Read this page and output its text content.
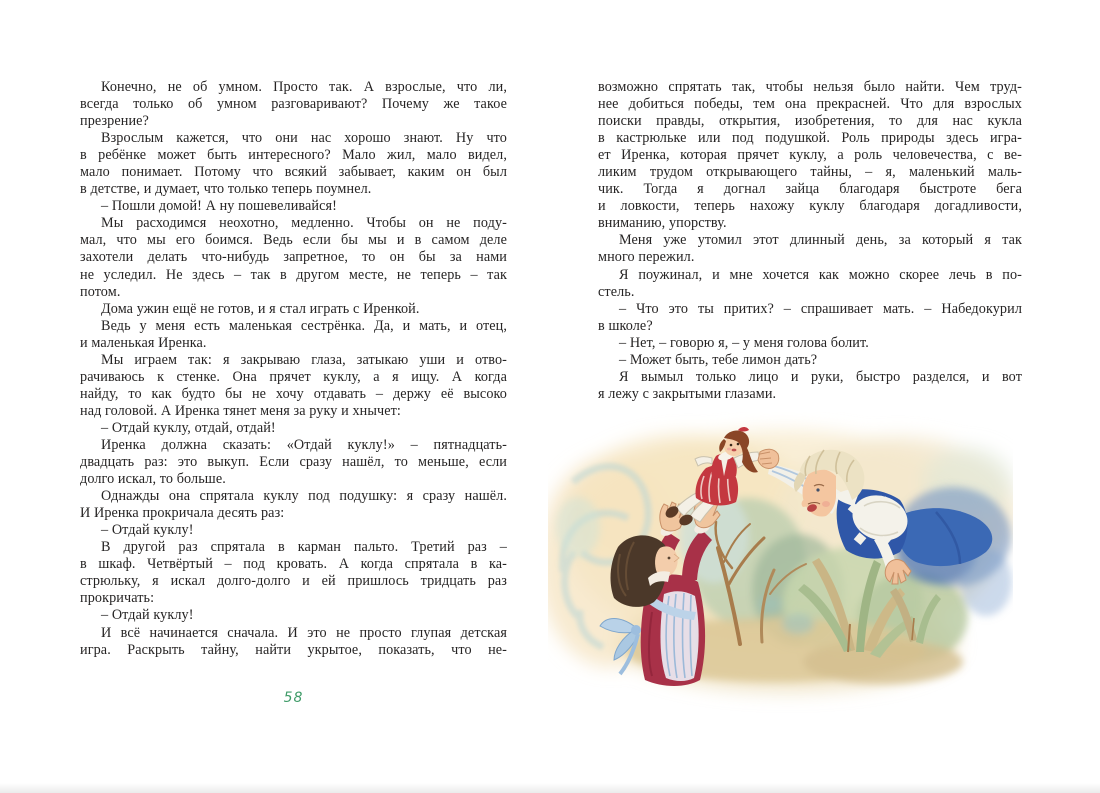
Конечно, не об умном. Просто так. А взрослые, что ли,
всегда только об умном разговаривают? Почему же такое
презрение?
Взрослым кажется, что они нас хорошо знают. Ну что
в ребёнке может быть интересного? Мало жил, мало видел,
мало понимает. Потому что всякий забывает, каким он был
в детстве, и думает, что только теперь поумнел.
– Пошли домой! А ну пошевеливайся!
Мы расходимся неохотно, медленно. Чтобы он не поду-
мал, что мы его боимся. Ведь если бы мы и в самом деле
захотели делать что-нибудь запретное, то он бы за нами
не уследил. Не здесь – так в другом месте, не теперь – так
потом.
Дома ужин ещё не готов, и я стал играть с Иренкой.
Ведь у меня есть маленькая сестрёнка. Да, и мать, и отец,
и маленькая Иренка.
Мы играем так: я закрываю глаза, затыкаю уши и отво-
рачиваюсь к стенке. Она прячет куклу, а я ищу. А когда
найду, то как будто бы не хочу отдавать – держу её высоко
над головой. А Иренка тянет меня за руку и хнычет:
– Отдай куклу, отдай, отдай!
Иренка должна сказать: «Отдай куклу!» – пятнадцать-
двадцать раз: это выкуп. Если сразу нашёл, то меньше, если
долго искал, то больше.
Однажды она спрятала куклу под подушку: я сразу нашёл.
И Иренка прокричала десять раз:
– Отдай куклу!
В другой раз спрятала в карман пальто. Третий раз –
в шкаф. Четвёртый – под кровать. А когда спрятала в ка-
стрюльку, я искал долго-долго и ей пришлось тридцать раз
прокричать:
– Отдай куклу!
И всё начинается сначала. И это не просто глупая детская
игра. Раскрыть тайну, найти укрытое, показать, что не-
58
возможно спрятать так, чтобы нельзя было найти. Чем труд-
нее добиться победы, тем она прекрасней. Что для взрослых
поиски правды, открытия, изобретения, то для нас кукла
в кастрюльке или под подушкой. Роль природы здесь игра-
ет Иренка, которая прячет куклу, а роль человечества, с ве-
ликим трудом открывающего тайны, – я, маленький маль-
чик. Тогда я догнал зайца благодаря быстроте бега
и ловкости, теперь нахожу куклу благодаря догадливости,
вниманию, упорству.
Меня уже утомил этот длинный день, за который я так
много пережил.
Я поужинал, и мне хочется как можно скорее лечь в по-
стель.
– Что это ты притих? – спрашивает мать. – Набедокурил
в школе?
– Нет, – говорю я, – у меня голова болит.
– Может быть, тебе лимон дать?
Я вымыл только лицо и руки, быстро разделся, и вот
я лежу с закрытыми глазами.
